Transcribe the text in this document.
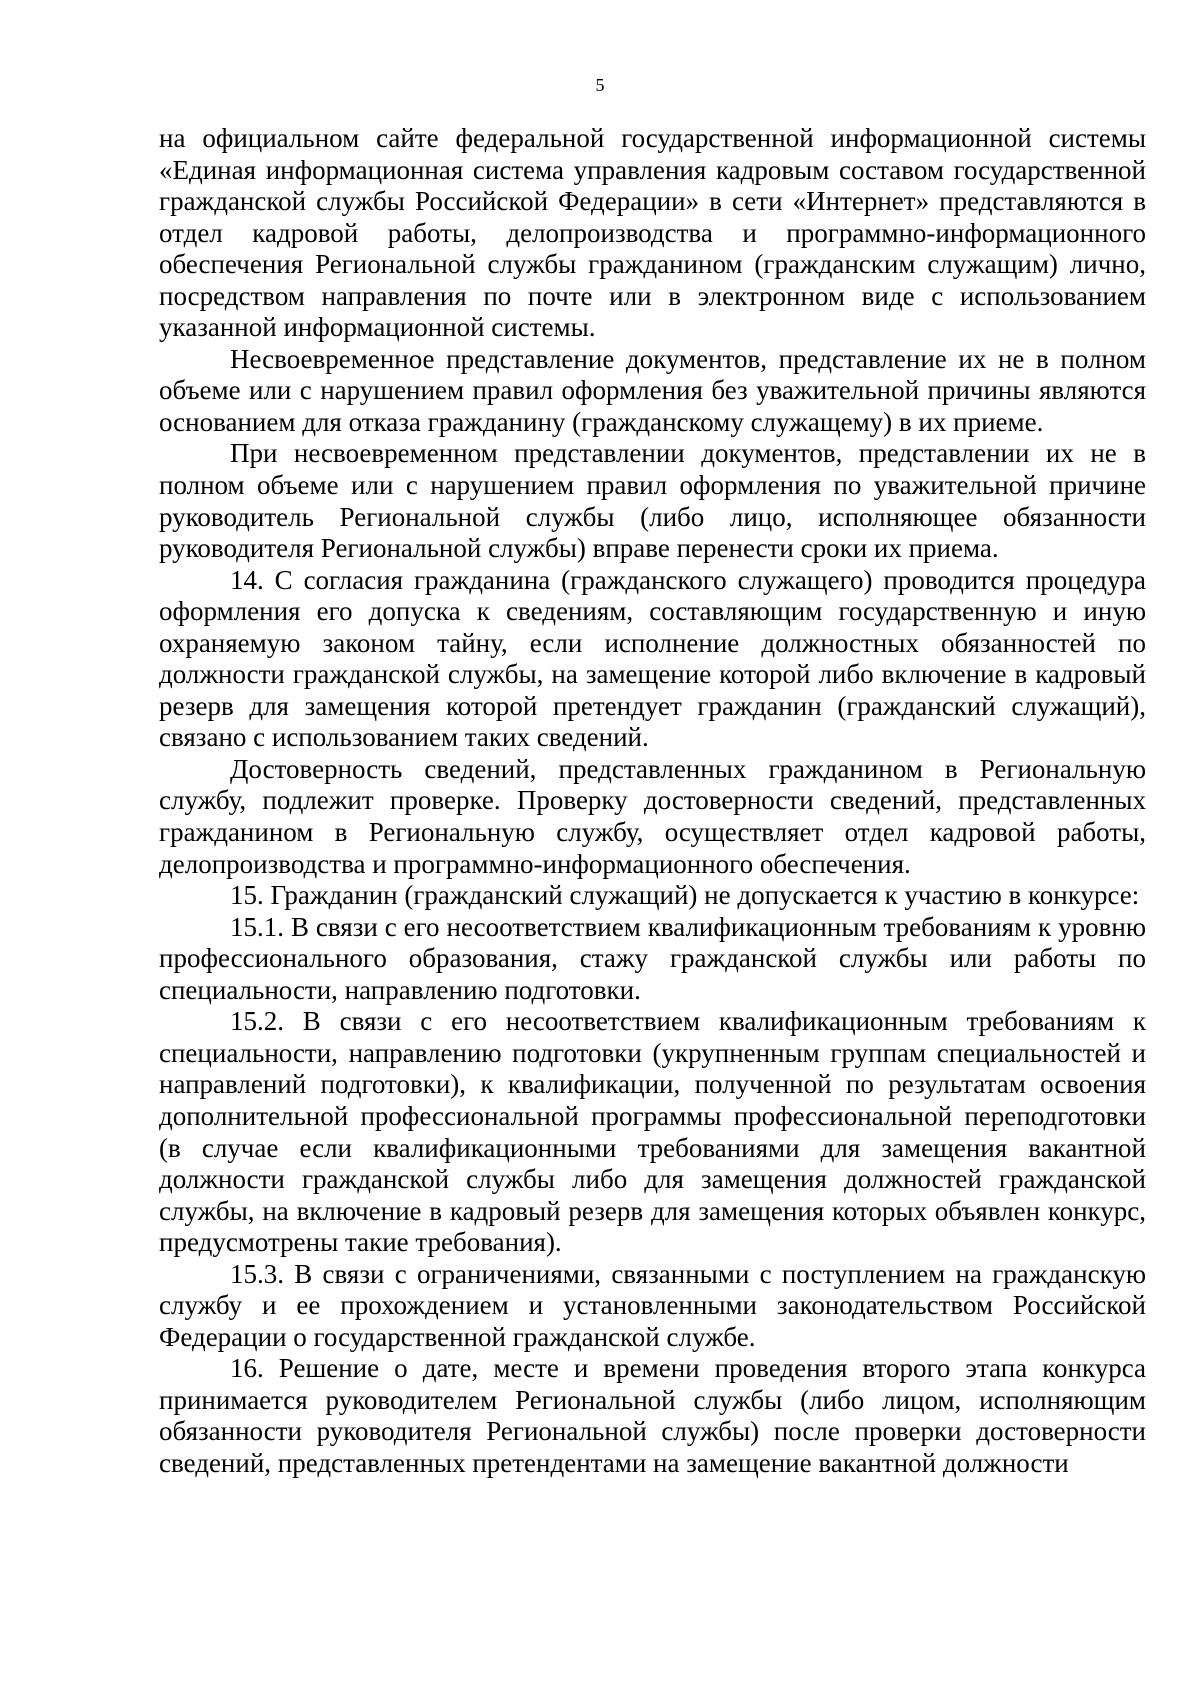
5

на официальном сайте федеральной государственной информационной системы «Единая информационная система управления кадровым составом государственной гражданской службы Российской Федерации» в сети «Интернет» представляются в отдел кадровой работы, делопроизводства и программно-информационного обеспечения Региональной службы гражданином (гражданским служащим) лично, посредством направления по почте или в электронном виде с использованием указанной информационной системы.

Несвоевременное представление документов, представление их не в полном объеме или с нарушением правил оформления без уважительной причины являются основанием для отказа гражданину (гражданскому служащему) в их приеме.

При несвоевременном представлении документов, представлении их не в полном объеме или с нарушением правил оформления по уважительной причине руководитель Региональной службы (либо лицо, исполняющее обязанности руководителя Региональной службы) вправе перенести сроки их приема.

14. С согласия гражданина (гражданского служащего) проводится процедура оформления его допуска к сведениям, составляющим государственную и иную охраняемую законом тайну, если исполнение должностных обязанностей по должности гражданской службы, на замещение которой либо включение в кадровый резерв для замещения которой претендует гражданин (гражданский служащий), связано с использованием таких сведений.

Достоверность сведений, представленных гражданином в Региональную службу, подлежит проверке. Проверку достоверности сведений, представленных гражданином в Региональную службу, осуществляет отдел кадровой работы, делопроизводства и программно-информационного обеспечения.

15. Гражданин (гражданский служащий) не допускается к участию в конкурсе:

15.1. В связи с его несоответствием квалификационным требованиям к уровню профессионального образования, стажу гражданской службы или работы по специальности, направлению подготовки.

15.2. В связи с его несоответствием квалификационным требованиям к специальности, направлению подготовки (укрупненным группам специальностей и направлений подготовки), к квалификации, полученной по результатам освоения дополнительной профессиональной программы профессиональной переподготовки (в случае если квалификационными требованиями для замещения вакантной должности гражданской службы либо для замещения должностей гражданской службы, на включение в кадровый резерв для замещения которых объявлен конкурс, предусмотрены такие требования).

15.3. В связи с ограничениями, связанными с поступлением на гражданскую службу и ее прохождением и установленными законодательством Российской Федерации о государственной гражданской службе.

16. Решение о дате, месте и времени проведения второго этапа конкурса принимается руководителем Региональной службы (либо лицом, исполняющим обязанности руководителя Региональной службы) после проверки достоверности сведений, представленных претендентами на замещение вакантной должности
